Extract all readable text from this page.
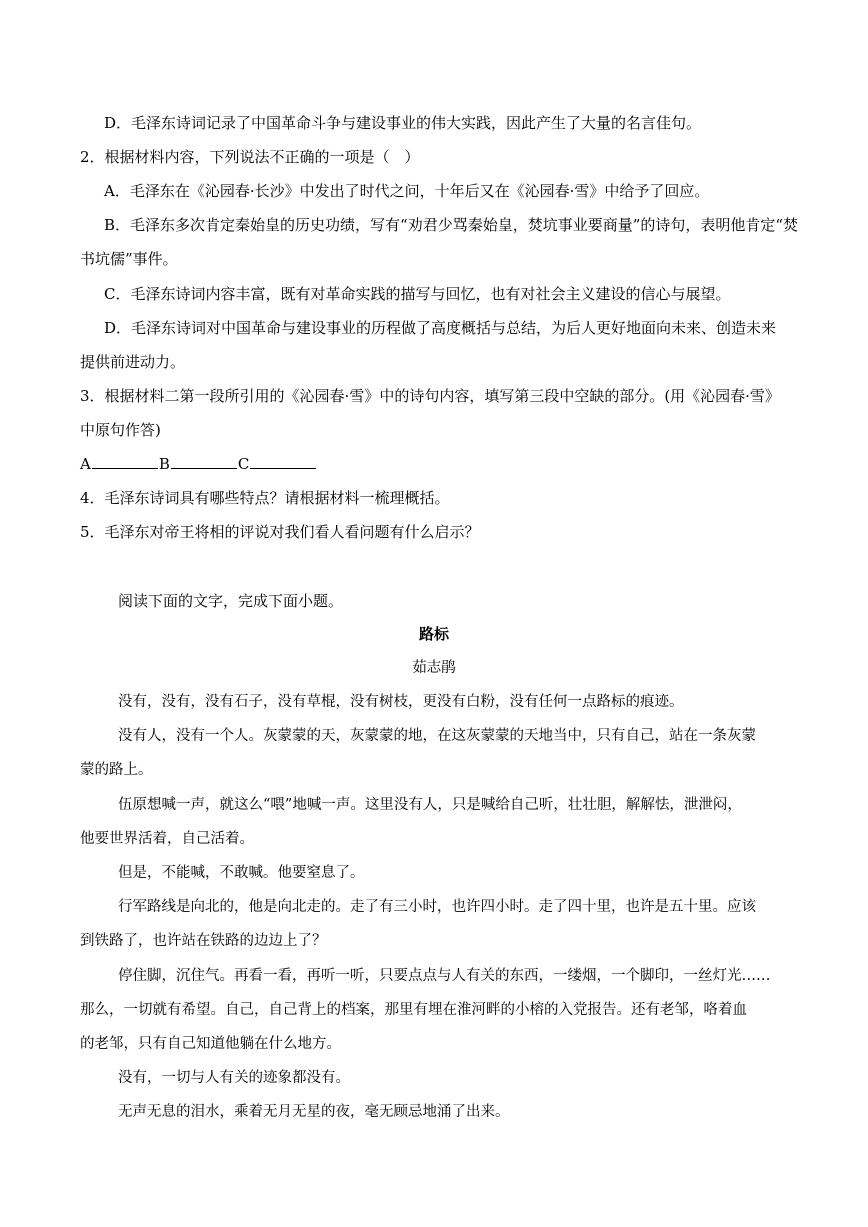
D．毛泽东诗词记录了中国革命斗争与建设事业的伟大实践，因此产生了大量的名言佳句。
2．根据材料内容，下列说法不正确的一项是（　）
A．毛泽东在《沁园春·长沙》中发出了时代之问，十年后又在《沁园春·雪》中给予了回应。
B．毛泽东多次肯定秦始皇的历史功绩，写有“劝君少骂秦始皇，焚坑事业要商量”的诗句，表明他肯定“焚
书坑儒”事件。
C．毛泽东诗词内容丰富，既有对革命实践的描写与回忆，也有对社会主义建设的信心与展望。
D．毛泽东诗词对中国革命与建设事业的历程做了高度概括与总结，为后人更好地面向未来、创造未来
提供前进动力。
3．根据材料二第一段所引用的《沁园春·雪》中的诗句内容，填写第三段中空缺的部分。(用《沁园春·雪》
中原句作答)
A	B	C
4．毛泽东诗词具有哪些特点？请根据材料一梳理概括。
5．毛泽东对帝王将相的评说对我们看人看问题有什么启示？
阅读下面的文字，完成下面小题。
路标
茹志鹃
没有，没有，没有石子，没有草棍，没有树枝，更没有白粉，没有任何一点路标的痕迹。
没有人，没有一个人。灰蒙蒙的天，灰蒙蒙的地，在这灰蒙蒙的天地当中，只有自己，站在一条灰蒙
蒙的路上。
伍原想喊一声，就这么“喂”地喊一声。这里没有人，只是喊给自己听，壮壮胆，解解怯，泄泄闷，
他要世界活着，自己活着。
但是，不能喊，不敢喊。他要窒息了。
行军路线是向北的，他是向北走的。走了有三小时，也许四小时。走了四十里，也许是五十里。应该
到铁路了，也许站在铁路的边边上了？
停住脚，沉住气。再看一看，再听一听，只要点点与人有关的东西，一缕烟，一个脚印，一丝灯光……
那么，一切就有希望。自己，自己背上的档案，那里有埋在淮河畔的小榕的入党报告。还有老邹，咯着血
的老邹，只有自己知道他躺在什么地方。
没有，一切与人有关的迹象都没有。
无声无息的泪水，乘着无月无星的夜，毫无顾忌地涌了出来。
